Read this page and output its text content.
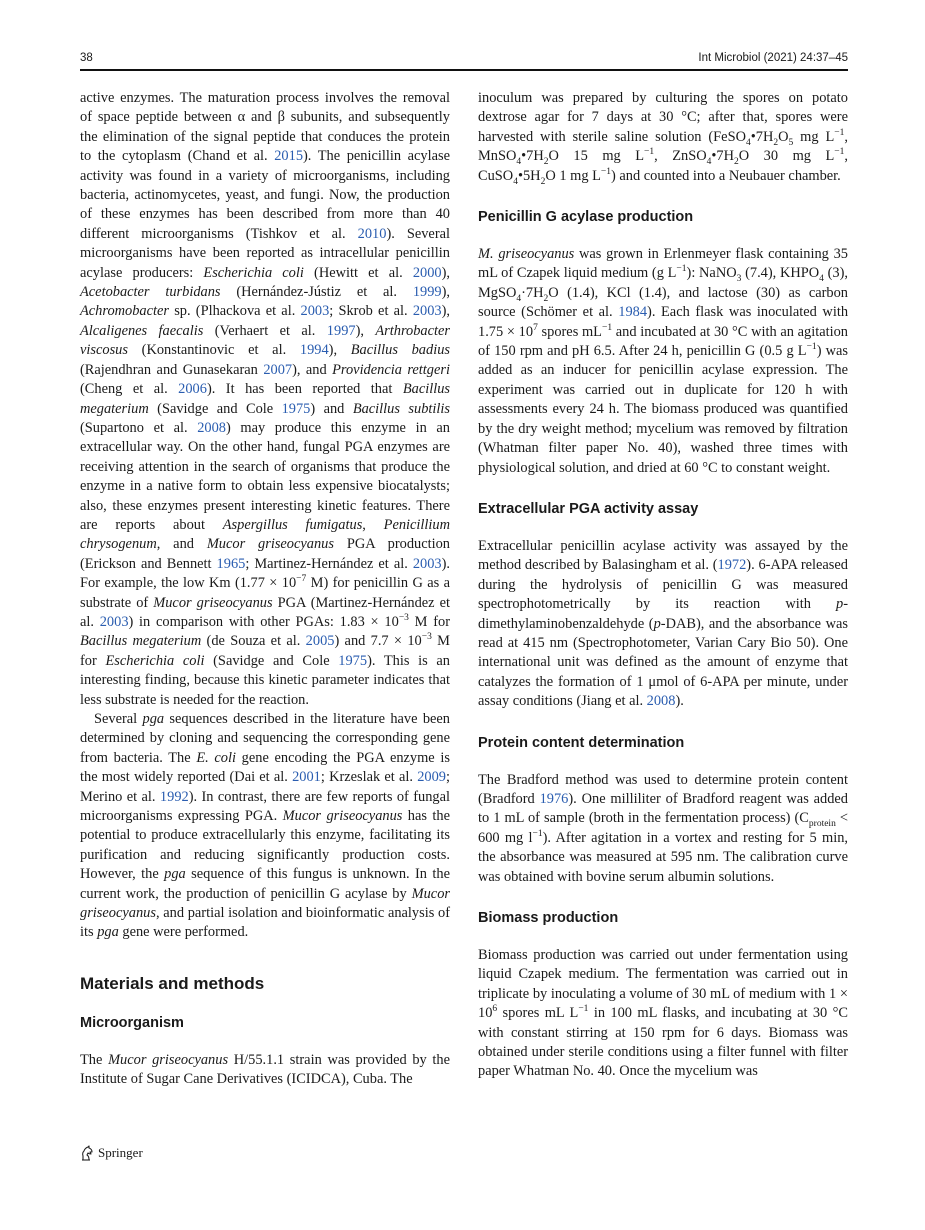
38	Int Microbiol (2021) 24:37–45

active enzymes. The maturation process involves the removal of space peptide between α and β subunits, and subsequently the elimination of the signal peptide that conduces the protein to the cytoplasm (Chand et al. 2015). The penicillin acylase activity was found in a variety of microorganisms, including bacteria, actinomycetes, yeast, and fungi. Now, the production of these enzymes has been described from more than 40 different microorganisms (Tishkov et al. 2010). Several microorganisms have been reported as intracellular penicillin acylase producers: Escherichia coli (Hewitt et al. 2000), Acetobacter turbidans (Hernández-Jústiz et al. 1999), Achromobacter sp. (Plhackova et al. 2003; Skrob et al. 2003), Alcaligenes faecalis (Verhaert et al. 1997), Arthrobacter viscosus (Konstantinovic et al. 1994), Bacillus badius (Rajendhran and Gunasekaran 2007), and Providencia rettgeri (Cheng et al. 2006). It has been reported that Bacillus megaterium (Savidge and Cole 1975) and Bacillus subtilis (Supartono et al. 2008) may produce this enzyme in an extracellular way. On the other hand, fungal PGA enzymes are receiving attention in the search of organisms that produce the enzyme in a native form to obtain less expensive biocatalysts; also, these enzymes present interesting kinetic features. There are reports about Aspergillus fumigatus, Penicillium chrysogenum, and Mucor griseocyanus PGA production (Erickson and Bennett 1965; Martinez-Hernández et al. 2003). For example, the low Km ($1.77 \times 10^{-7}$ M) for penicillin G as a substrate of Mucor griseocyanus PGA (Martinez-Hernández et al. 2003) in comparison with other PGAs: $1.83 \times 10^{-3}$ M for Bacillus megaterium (de Souza et al. 2005) and $7.7 \times 10^{-3}$ M for Escherichia coli (Savidge and Cole 1975). This is an interesting finding, because this kinetic parameter indicates that less substrate is needed for the reaction.

Several pga sequences described in the literature have been determined by cloning and sequencing the corresponding gene from bacteria. The E. coli gene encoding the PGA enzyme is the most widely reported (Dai et al. 2001; Krzeslak et al. 2009; Merino et al. 1992). In contrast, there are few reports of fungal microorganisms expressing PGA. Mucor griseocyanus has the potential to produce extracellularly this enzyme, facilitating its purification and reducing significantly production costs. However, the pga sequence of this fungus is unknown. In the current work, the production of penicillin G acylase by Mucor griseocyanus, and partial isolation and bioinformatic analysis of its pga gene were performed.

Materials and methods
Microorganism

The Mucor griseocyanus H/55.1.1 strain was provided by the Institute of Sugar Cane Derivatives (ICIDCA), Cuba. The

inoculum was prepared by culturing the spores on potato dextrose agar for 7 days at 30 °C; after that, spores were harvested with sterile saline solution ($FeSO_4•7H_2O_5$ mg $L^{-1}$, $MnSO_4•7H_2O$ 15 mg $L^{-1}$, $ZnSO_4•7H_2O$ 30 mg $L^{-1}$, $CuSO_4•5H_2O$ 1 mg $L^{-1}$) and counted into a Neubauer chamber.

Penicillin G acylase production

M. griseocyanus was grown in Erlenmeyer flask containing 35 mL of Czapek liquid medium (g $L^{-1}$): NaNO$_3$ (7.4), $KHPO_4$ (3), $MgSO_4\cdot 7H_2O$ (1.4), KCl (1.4), and lactose (30) as carbon source (Schömer et al. 1984). Each flask was inoculated with $1.75 \times 10^7$ spores $mL^{-1}$ and incubated at 30 °C with an agitation of 150 rpm and pH 6.5. After 24 h, penicillin G (0.5 g $L^{-1}$) was added as an inducer for penicillin acylase expression. The experiment was carried out in duplicate for 120 h with assessments every 24 h. The biomass produced was quantified by the dry weight method; mycelium was removed by filtration (Whatman filter paper No. 40), washed three times with physiological solution, and dried at 60 °C to constant weight.

Extracellular PGA activity assay

Extracellular penicillin acylase activity was assayed by the method described by Balasingham et al. (1972). 6-APA released during the hydrolysis of penicillin G was measured spectrophotometrically by its reaction with p-dimethylaminobenzaldehyde (p-DAB), and the absorbance was read at 415 nm (Spectrophotometer, Varian Cary Bio 50). One international unit was defined as the amount of enzyme that catalyzes the formation of 1 μmol of 6-APA per minute, under assay conditions (Jiang et al. 2008).

Protein content determination

The Bradford method was used to determine protein content (Bradford 1976). One milliliter of Bradford reagent was added to 1 mL of sample (broth in the fermentation process) ($C_{protein} < 600$ mg $l^{-1}$). After agitation in a vortex and resting for 5 min, the absorbance was measured at 595 nm. The calibration curve was obtained with bovine serum albumin solutions.

Biomass production

Biomass production was carried out under fermentation using liquid Czapek medium. The fermentation was carried out in triplicate by inoculating a volume of 30 mL of medium with $1 \times 10^6$ spores mL $L^{-1}$ in 100 mL flasks, and incubating at 30 °C with constant stirring at 150 rpm for 6 days. Biomass was obtained under sterile conditions using a filter funnel with filter paper Whatman No. 40. Once the mycelium was

Springer
